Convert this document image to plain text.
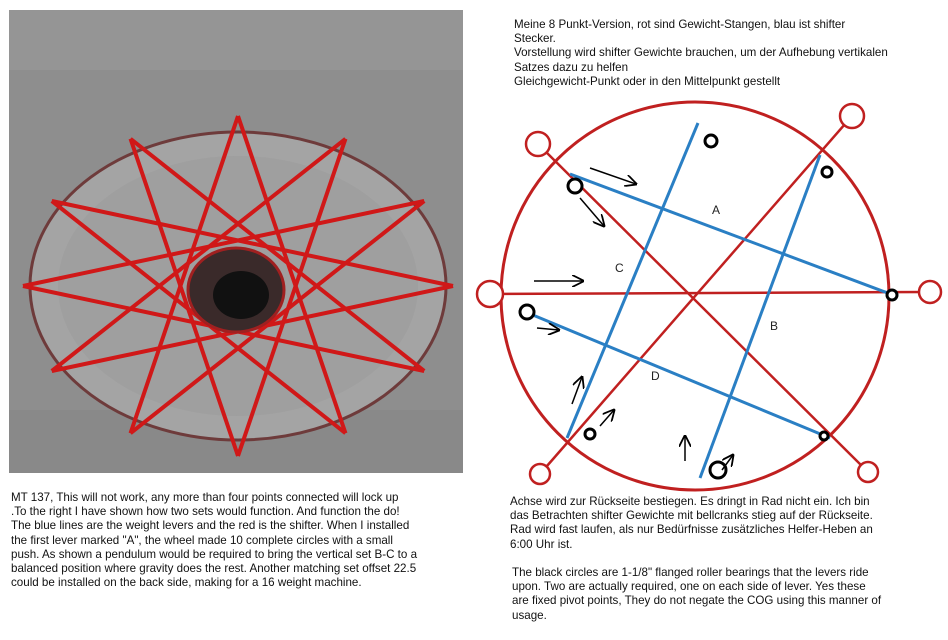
Meine 8 Punkt-Version, rot sind Gewicht-Stangen, blau ist shifter
Stecker.
Vorstellung wird shifter Gewichte brauchen, um der Aufhebung vertikalen
Satzes dazu zu helfen
Gleichgewicht-Punkt oder in den Mittelpunkt gestellt
A
B
C
D
MT 137, This will not work, any more than four points connected will lock up
.To the right I have shown how two sets would function. And function the do!
The blue lines are the weight levers and the red is the shifter. When I installed
the first lever marked "A", the wheel made 10 complete circles with a small
push. As shown a pendulum would be required to bring the vertical set B-C to a
balanced position where gravity does the rest. Another matching set offset 22.5
could be installed on the back side, making for a 16 weight machine.
Achse wird zur Rückseite bestiegen. Es dringt in Rad nicht ein. Ich bin
das Betrachten shifter Gewichte mit bellcranks stieg auf der Rückseite.
Rad wird fast laufen, als nur Bedürfnisse zusätzliches Helfer-Heben an
6:00 Uhr ist.
The black circles are 1-1/8" flanged roller bearings that the levers ride
upon. Two are actually required, one on each side of lever. Yes these
are fixed pivot points, They do not negate the COG using this manner of
usage.
